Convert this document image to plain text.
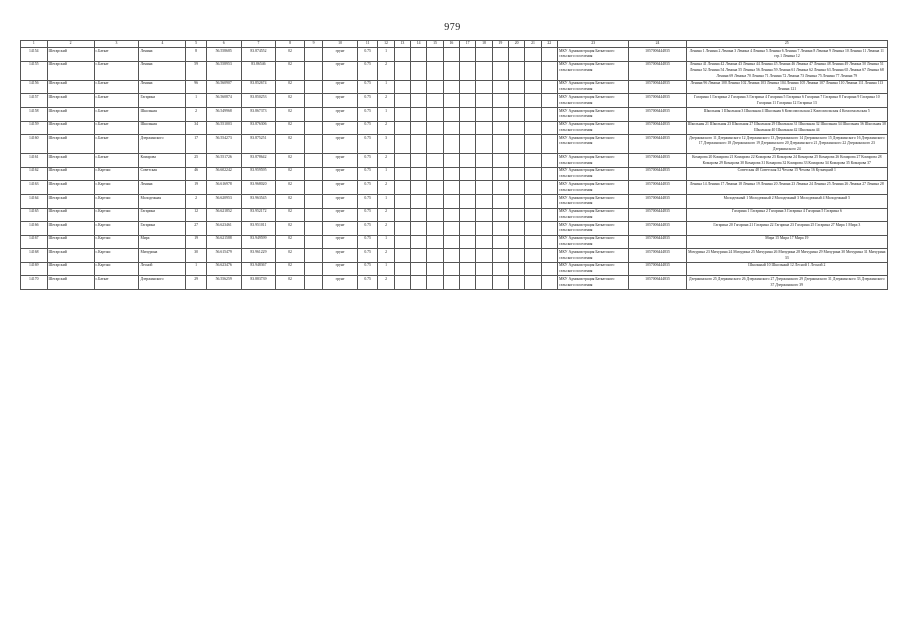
979
1	2	3	4	5	6	7	8	9	10	11	12	13	14	15	16	17	18	19	20	21	22	23	24	25
14154	Шегарский	с.Баткат	Ленина	8	56.558685	83.874552	02		грунт	0.75	1											МКУ Администрация Баткатского сельского поселения	1057006444835	Ленина 1 Ленина 2 Ленина 3 Ленина 4 Ленина 5 Ленина 6 Ленина 7 Ленина 8 Ленина 9 Ленина 10 Ленина 11 Ленина 11 стр.1 Ленина 12
14155	Шегарский	с.Баткат	Ленина	59	56.558953	83.86546	02		грунт	0.75	2											МКУ Администрация Баткатского сельского поселения	1057006444835	Ленина 41 Ленина 42 Ленина 43 Ленина 44 Ленина 45 Ленина 46 Ленина 47 Ленина 48 Ленина 49 Ленина 50 Ленина 51 Ленина 52 Ленина 54 Ленина 55 Ленина 56 Ленина 59 Ленина 61 Ленина 62 Ленина 63 Ленина 65 Ленина 67 Ленина 68 Ленина 69 Ленина 70 Ленина 71 Ленина 72 Ленина 73 Ленина 75 Ленина 77 Ленина 79
14156	Шегарский	с.Баткат	Ленина	96	56.560907	83.852674	02		грунт	0.75	1											МКУ Администрация Баткатского сельского поселения	1057006444835	Ленина 96 Ленина 100 Ленина 102 Ленина 103 Ленина 104 Ленина 105 Ленина 107 Ленина 110 Ленина 111 Ленина 113 Ленина 121
14157	Шегарский	с.Баткат	Гагарина	1	56.560874	83.850253	02		грунт	0.75	2											МКУ Администрация Баткатского сельского поселения	1057006444835	Гагарина 1 Гагарина 2 Гагарина 3 Гагарина 4 Гагарина 5 Гагарина 6 Гагарина 7 Гагарина 8 Гагарина 9 Гагарина 10 Гагарина 11 Гагарина 12 Гагарина 13
14158	Шегарский	с.Баткат	Школьная	2	56.549968	83.867373	02		грунт	0.75	1											МКУ Администрация Баткатского сельского поселения	1057006444835	Школьная 1 Школьная 3 Школьная 4 Школьная 6 Комсомольская 2 Комсомольская 4 Комсомольская 5
14159	Шегарский	с.Баткат	Школьная	34	56.551003	83.876306	02		грунт	0.75	2											МКУ Администрация Баткатского сельского поселения	1057006444835	Школьная 21 Школьная 23 Школьная 27 Школьная 29 Школьная 31 Школьная 32 Школьная 34 Школьная 36 Школьная 38 Школьная 40 Школьная 42 Школьная 44
14160	Шегарский	с.Баткат	Дзержинского	17	56.554273	83.875251	02		грунт	0.75	3											МКУ Администрация Баткатского сельского поселения	1057006444835	Дзержинского 11 Дзержинского 12 Дзержинского 13 Дзержинского 14 Дзержинского 15 Дзержинского 16 Дзержинского 17 Дзержинского 18 Дзержинского 19 Дзержинского 20 Дзержинского 21 Дзержинского 22 Дзержинского 23 Дзержинского 24
14161	Шегарский	с.Баткат	Комарова	25	56.551726	83.878642	02		грунт	0.75	2											МКУ Администрация Баткатского сельского поселения	1057006444835	Комарова 20 Комарова 21 Комарова 22 Комарова 23 Комарова 24 Комарова 25 Комарова 26 Комарова 27 Комарова 28 Комарова 29 Комарова 30 Комарова 31 Комарова 32 Комарова 33 Комарова 34 Комарова 35 Комарова 37
14162	Шегарский	с.Карташ	Советская	46	56.602242	83.959595	02		грунт	0.75	1											МКУ Администрация Баткатского сельского поселения	1057006444835	Советская 48 Советская 52 Чехова 15 Чехова 16 Кузнецкий 1
14163	Шегарский	с.Карташ	Ленина	19	56.616978	83.968020	02		грунт	0.75	2											МКУ Администрация Баткатского сельского поселения	1057006444835	Ленина 14 Ленина 17 Ленина 18 Ленина 19 Ленина 20 Ленина 23 Ленина 24 Ленина 25 Ленина 26 Ленина 27 Ленина 28
14164	Шегарский	с.Карташ	Молодежная	2	56.620953	83.963545	02		грунт	0.75	1											МКУ Администрация Баткатского сельского поселения	1057006444835	Молодежный 1 Молодежный 2 Молодежный 3 Молодежный 4 Молодежный 5
14165	Шегарский	с.Карташ	Гагарина	12	56.621852	83.952172	02		грунт	0.75	2											МКУ Администрация Баткатского сельского поселения	1057006444835	Гагарина 1 Гагарина 2 Гагарина 3 Гагарина 4 Гагарина 5 Гагарина 6
14166	Шегарский	с.Карташ	Гагарина	27	56.623461	83.951011	02		грунт	0.75	2											МКУ Администрация Баткатского сельского поселения	1057006444835	Гагарина 20 Гагарина 21 Гагарина 22 Гагарина 23 Гагарина 25 Гагарина 27 Мира 1 Мира 3
14167	Шегарский	с.Карташ	Мира	19	56.621588	83.949599	02		грунт	0.75	1											МКУ Администрация Баткатского сельского поселения	1057006444835	Мира 15 Мира 17 Мира 19
14168	Шегарский	с.Карташ	Мичурина	30	56.615479	83.961229	02		грунт	0.75	2											МКУ Администрация Баткатского сельского поселения	1057006444835	Мичурина 23 Мичурина 24 Мичурина 25 Мичурина 26 Мичурина 28 Мичурина 29 Мичурина 30 Мичурина 31 Мичурина 33
14169	Шегарский	с.Карташ	Лесной	1	56.623476	83.948367	02		грунт	0.75	1											МКУ Администрация Баткатского сельского поселения	1057006444835	Школьный 10 Школьный 12 Лесной 1 Лесной 2
14170	Шегарский	с.Баткат	Дзержинского	29	56.556259	83.883739	02		грунт	0.75	2											МКУ Администрация Баткатского сельского поселения	1057006444835	Дзержинского 25 Дзержинского 26 Дзержинского 27 Дзержинского 29 Дзержинского 31 Дзержинского 33 Дзержинского 37 Дзержинского 39
